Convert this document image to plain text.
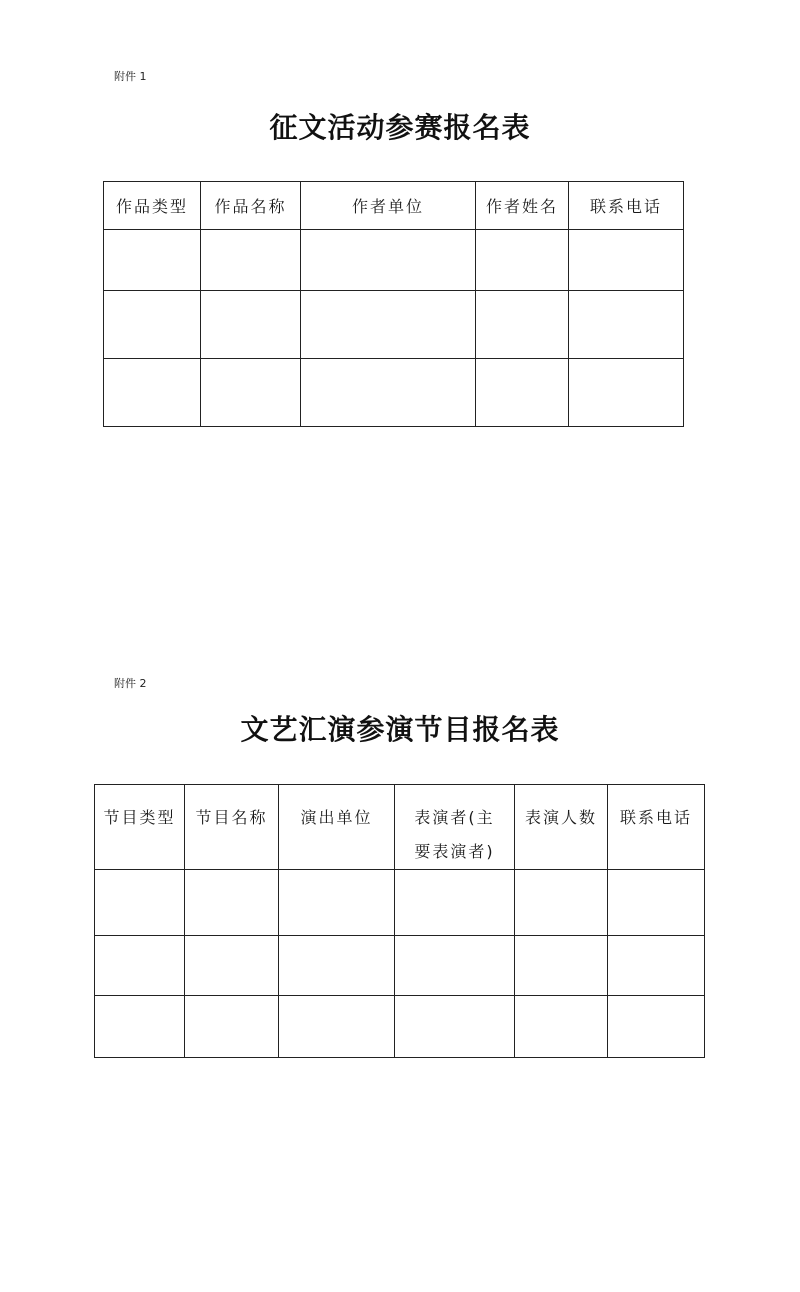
附件 1
征文活动参赛报名表
作品类型	作品名称	作者单位	作者姓名	联系电话

附件 2
文艺汇演参演节目报名表
节目类型	节目名称	演出单位	表演者(主要表演者)	表演人数	联系电话
